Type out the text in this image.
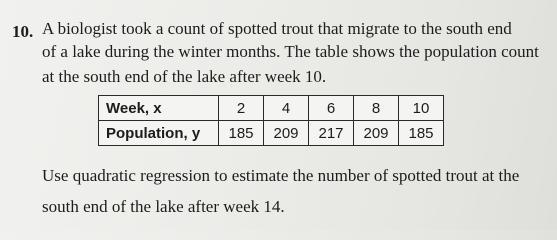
10. A biologist took a count of spotted trout that migrate to the south end
of a lake during the winter months. The table shows the population count
at the south end of the lake after week 10.
Week, x	2	4	6	8	10
Population, y	185	209	217	209	185
Use quadratic regression to estimate the number of spotted trout at the
south end of the lake after week 14.
